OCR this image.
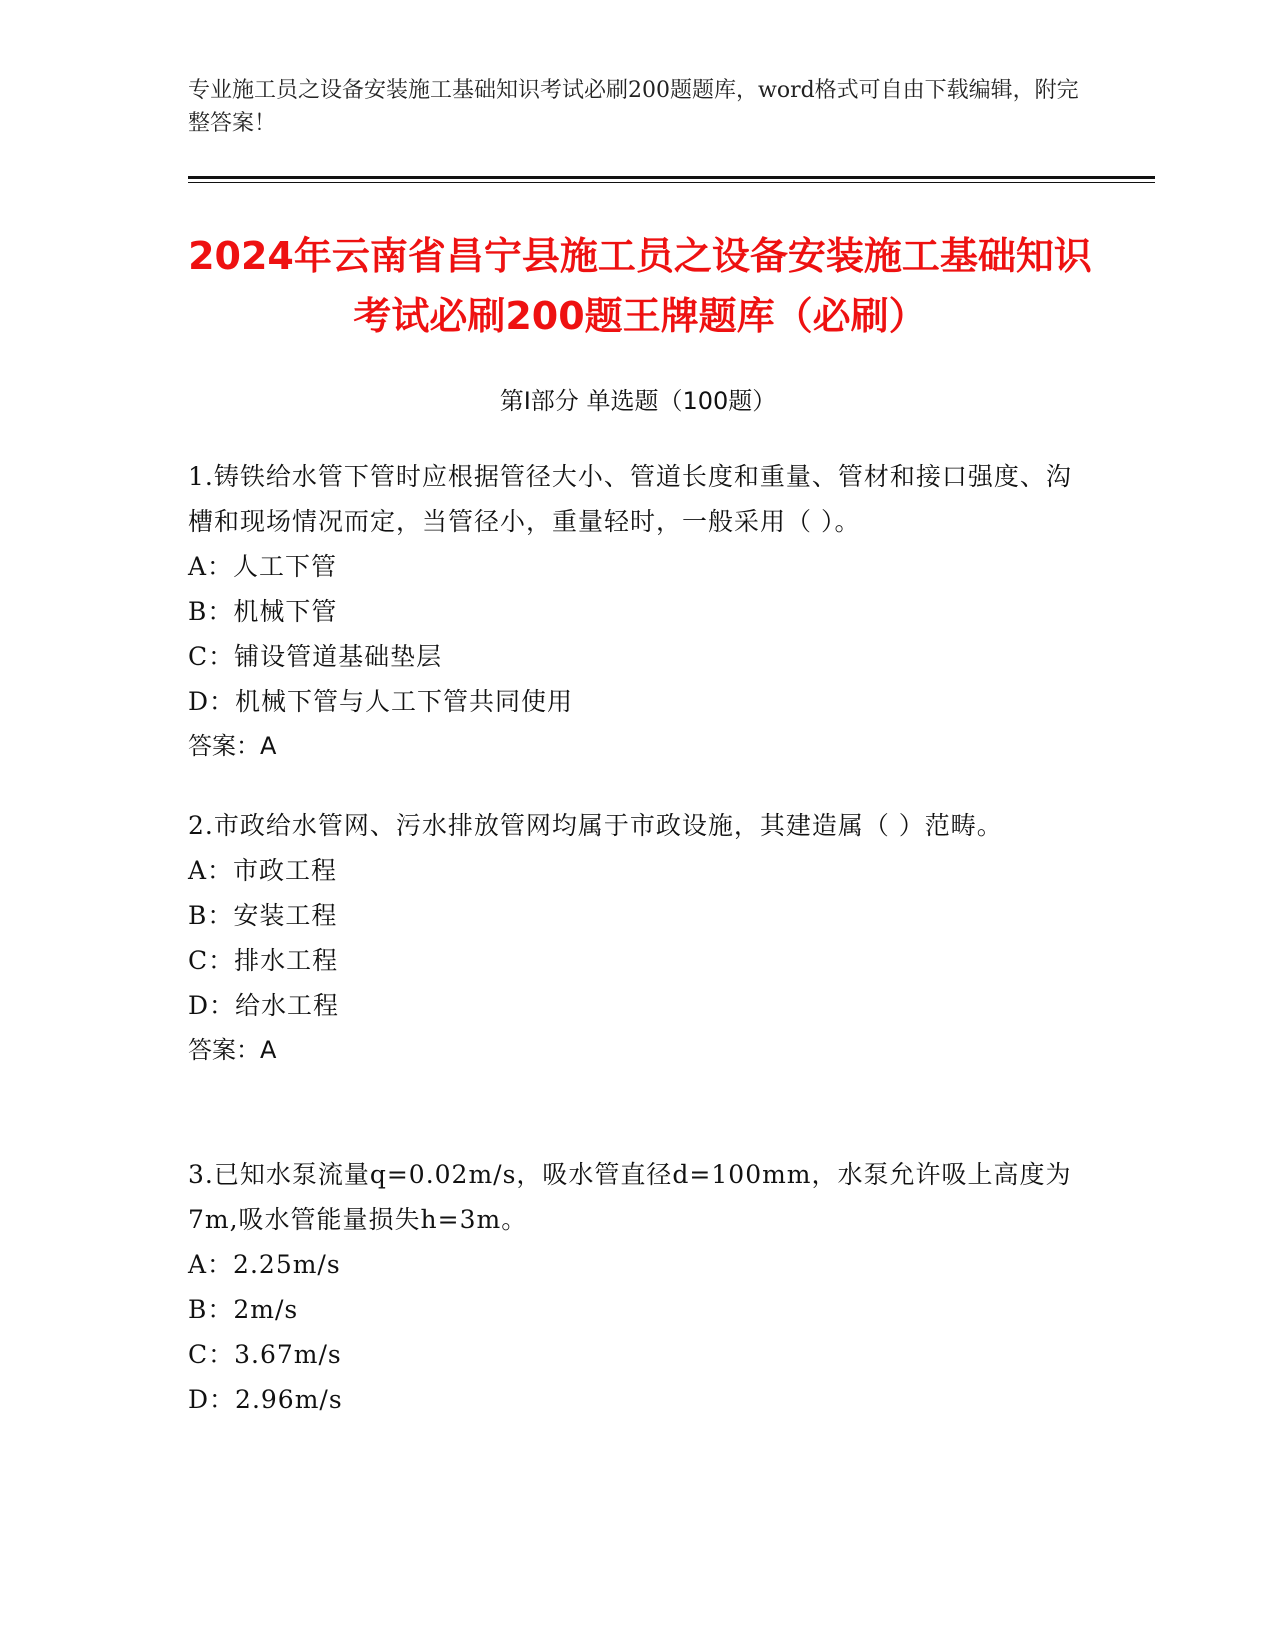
专业施工员之设备安装施工基础知识考试必刷200题题库，word格式可自由下载编辑，附完整答案！
2024年云南省昌宁县施工员之设备安装施工基础知识考试必刷200题王牌题库（必刷）
第I部分 单选题（100题）
1.铸铁给水管下管时应根据管径大小、管道长度和重量、管材和接口强度、沟槽和现场情况而定，当管径小，重量轻时，一般采用（ ）。
A：人工下管
B：机械下管
C：铺设管道基础垫层
D：机械下管与人工下管共同使用
答案：A
2.市政给水管网、污水排放管网均属于市政设施，其建造属（ ）范畴。
A：市政工程
B：安装工程
C：排水工程
D：给水工程
答案：A
3.已知水泵流量q=0.02m/s，吸水管直径d=100mm，水泵允许吸上高度为7m,吸水管能量损失h=3m。
A：2.25m/s
B：2m/s
C：3.67m/s
D：2.96m/s
